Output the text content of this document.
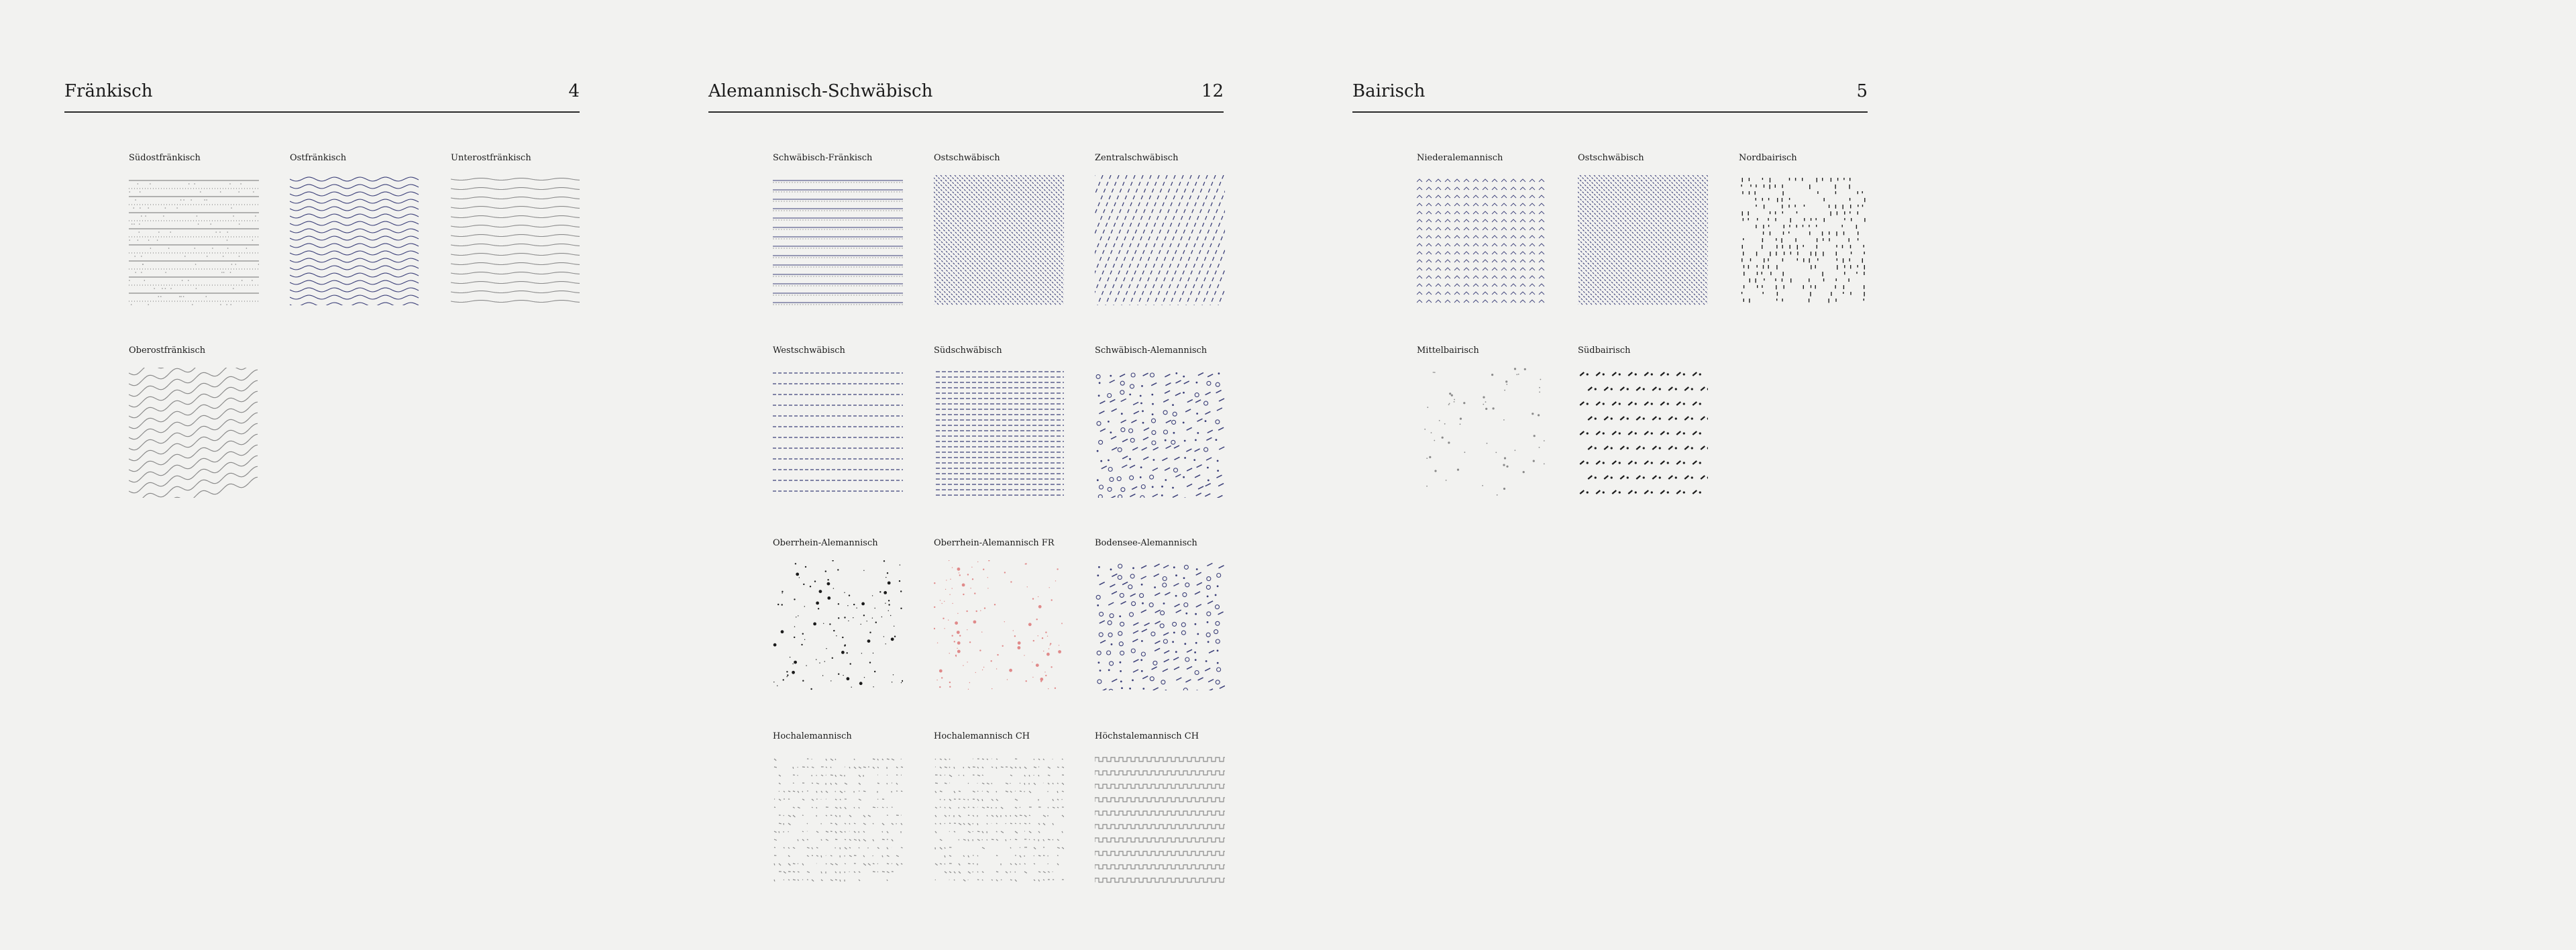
Fränkisch	4
Südostfränkisch	Ostfränkisch	Unterostfränkisch
Oberostfränkisch
Alemannisch-Schwäbisch	12
Schwäbisch-Fränkisch	Ostschwäbisch	Zentralschwäbisch
Westschwäbisch	Südschwäbisch	Schwäbisch-Alemannisch
Oberrhein-Alemannisch	Oberrhein-Alemannisch FR	Bodensee-Alemannisch
Hochalemannisch	Hochalemannisch CH	Höchstalemannisch CH
Bairisch	5
Niederalemannisch	Ostschwäbisch	Nordbairisch
Mittelbairisch	Südbairisch
